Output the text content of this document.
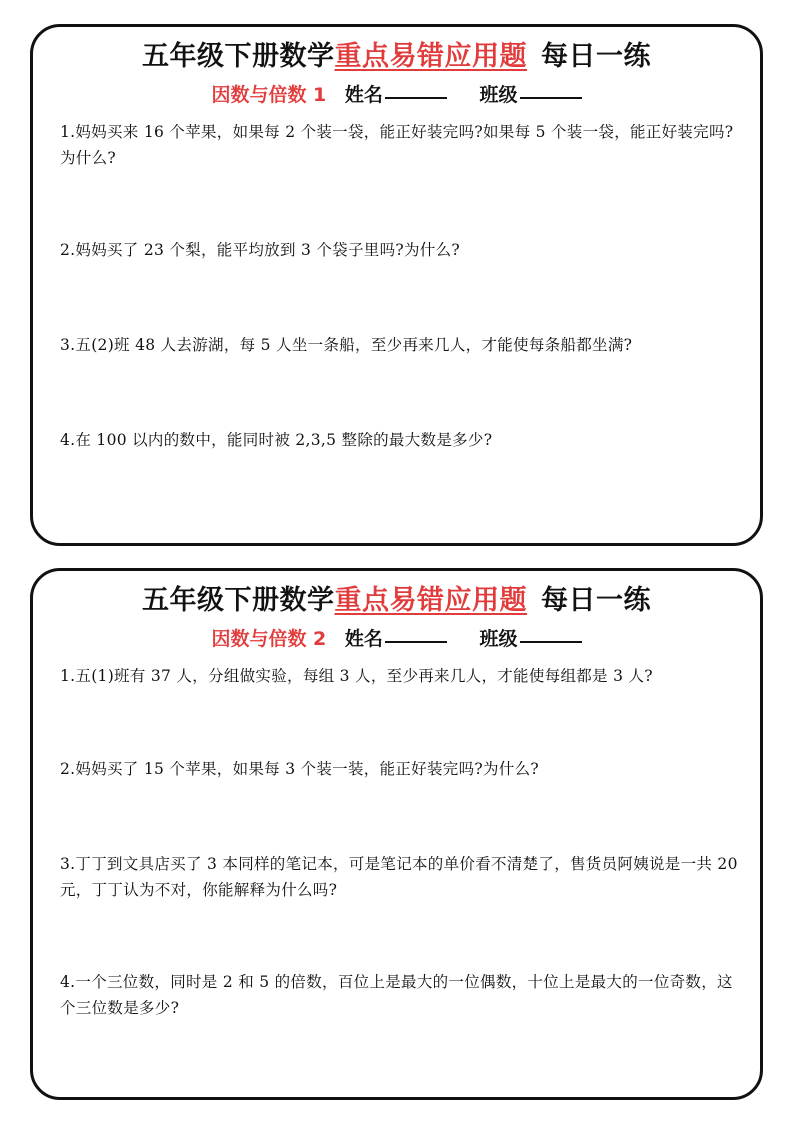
五年级下册数学重点易错应用题 每日一练
因数与倍数 1 姓名	班级
1.妈妈买来 16 个苹果，如果每 2 个装一袋，能正好装完吗?如果每 5 个装一袋，能正好装完吗?为什么?
2.妈妈买了 23 个梨，能平均放到 3 个袋子里吗?为什么?
3.五(2)班 48 人去游湖，每 5 人坐一条船，至少再来几人，才能使每条船都坐满?
4.在 100 以内的数中，能同时被 2,3,5 整除的最大数是多少?
五年级下册数学重点易错应用题 每日一练
因数与倍数 2 姓名	班级
1.五(1)班有 37 人，分组做实验，每组 3 人，至少再来几人，才能使每组都是 3 人?
2.妈妈买了 15 个苹果，如果每 3 个装一装，能正好装完吗?为什么?
3.丁丁到文具店买了 3 本同样的笔记本，可是笔记本的单价看不清楚了，售货员阿姨说是一共 20 元，丁丁认为不对，你能解释为什么吗?
4.一个三位数，同时是 2 和 5 的倍数，百位上是最大的一位偶数，十位上是最大的一位奇数，这个三位数是多少?
